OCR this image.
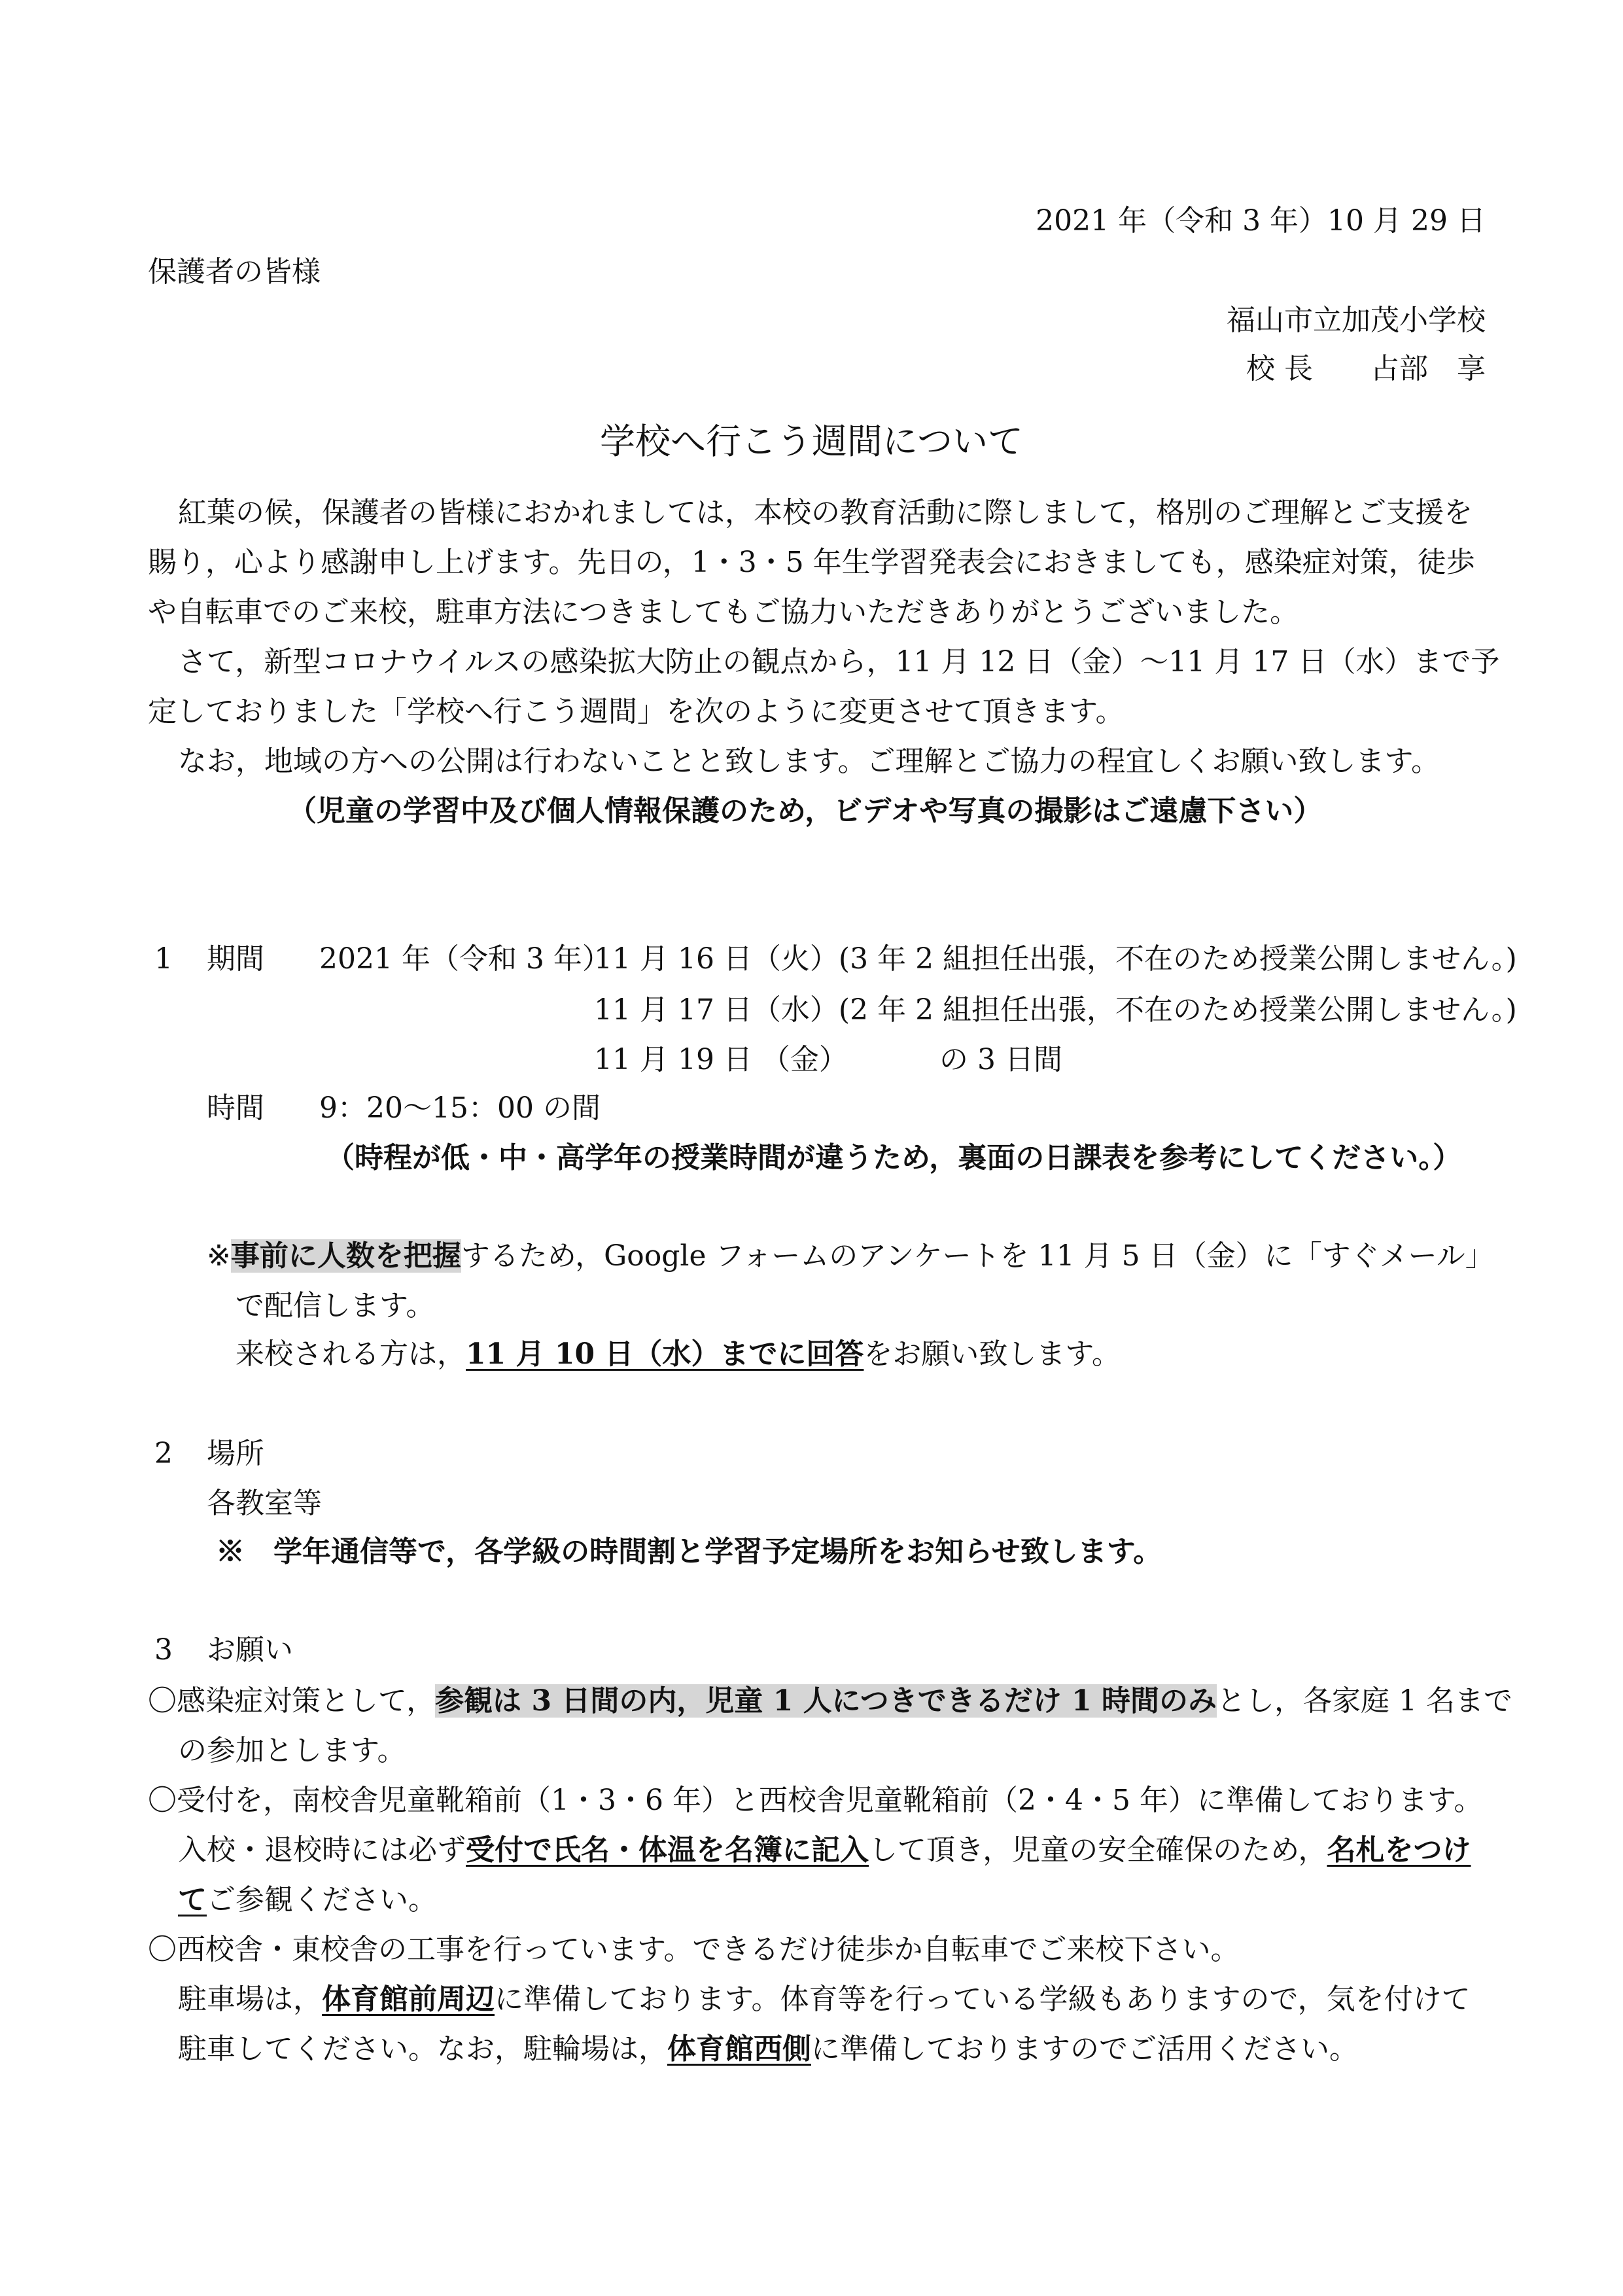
2021 年（令和 3 年）10 月 29 日
保護者の皆様
福山市立加茂小学校
校 長　　占部　享
学校へ行こう週間について
紅葉の候，保護者の皆様におかれましては，本校の教育活動に際しまして，格別のご理解とご支援を
賜り，心より感謝申し上げます。先日の，1・3・5 年生学習発表会におきましても，感染症対策，徒歩
や自転車でのご来校，駐車方法につきましてもご協力いただきありがとうございました。
さて，新型コロナウイルスの感染拡大防止の観点から，11 月 12 日（金）〜11 月 17 日（水）まで予
定しておりました「学校へ行こう週間」を次のように変更させて頂きます。
なお，地域の方への公開は行わないことと致します。ご理解とご協力の程宜しくお願い致します。
（児童の学習中及び個人情報保護のため，ビデオや写真の撮影はご遠慮下さい）
1 期間 2021 年（令和 3 年）
11 月 16 日（火）(3 年 2 組担任出張，不在のため授業公開しません。)
11 月 17 日（水）(2 年 2 組担任出張，不在のため授業公開しません。)
11 月 19 日 （金）	の 3 日間
時間 9：20〜15：00 の間
（時程が低・中・高学年の授業時間が違うため，裏面の日課表を参考にしてください。）
※事前に人数を把握するため，Google フォームのアンケートを 11 月 5 日（金）に「すぐメール」
で配信します。
来校される方は，11 月 10 日（水）までに回答をお願い致します。
2 場所
各教室等
※　学年通信等で，各学級の時間割と学習予定場所をお知らせ致します。
3 お願い
〇感染症対策として，参観は 3 日間の内，児童 1 人につきできるだけ 1 時間のみとし，各家庭 1 名まで
の参加とします。
〇受付を，南校舎児童靴箱前（1・3・6 年）と西校舎児童靴箱前（2・4・5 年）に準備しております。
入校・退校時には必ず受付で氏名・体温を名簿に記入して頂き，児童の安全確保のため，名札をつけ
てご参観ください。
〇西校舎・東校舎の工事を行っています。できるだけ徒歩か自転車でご来校下さい。
駐車場は，体育館前周辺に準備しております。体育等を行っている学級もありますので，気を付けて
駐車してください。なお，駐輪場は，体育館西側に準備しておりますのでご活用ください。
